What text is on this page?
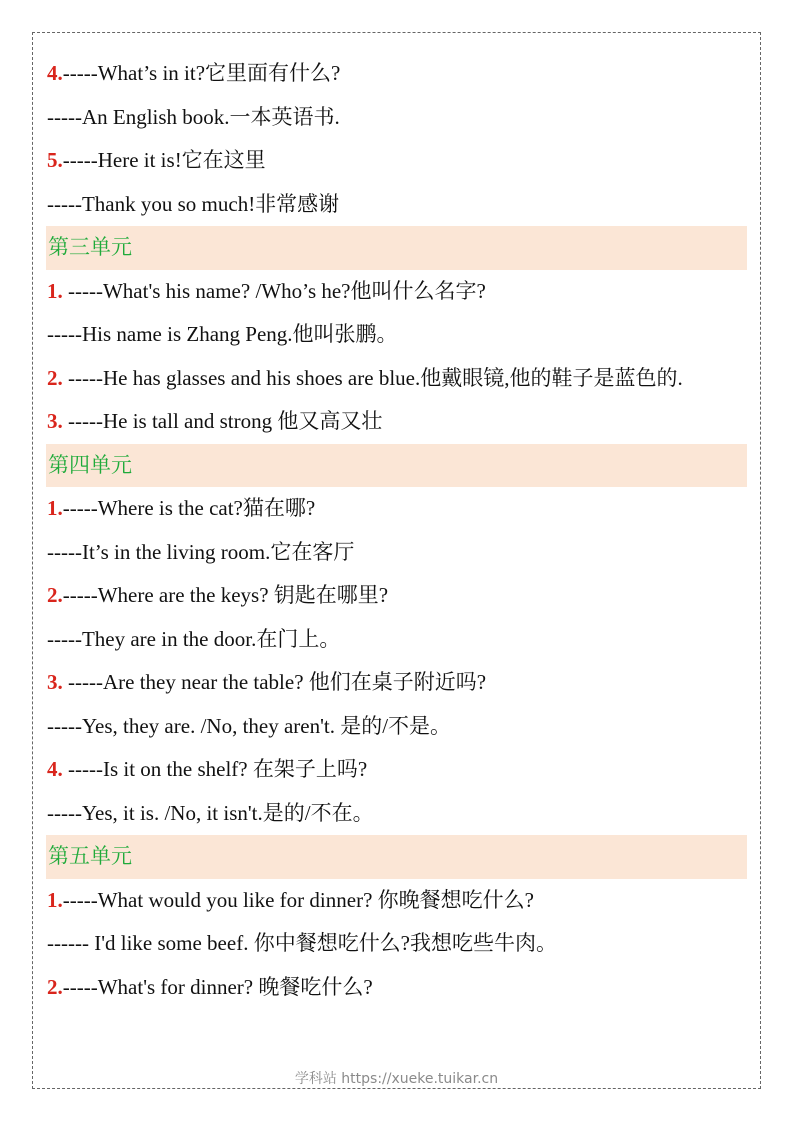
4.-----What’s in it?它里面有什么?
-----An English book.一本英语书.
5.-----Here it is!它在这里
-----Thank you so much!非常感谢
第三单元
1. -----What's his name? /Who’s he?他叫什么名字?
-----His name is Zhang Peng.他叫张鹏。
2. -----He has glasses and his shoes are blue.他戴眼镜,他的鞋子是蓝色的.
3. -----He is tall and strong 他又高又壮
第四单元
1.-----Where is the cat?猫在哪?
-----It’s in the living room.它在客厅
2.-----Where are the keys? 钥匙在哪里?
-----They are in the door.在门上。
3. -----Are they near the table? 他们在桌子附近吗?
-----Yes, they are. /No, they aren't. 是的/不是。
4. -----Is it on the shelf? 在架子上吗?
-----Yes, it is. /No, it isn't.是的/不在。
第五单元
1.-----What would you like for dinner? 你晚餐想吃什么?
------ I'd like some beef. 你中餐想吃什么?我想吃些牛肉。
2.-----What's for dinner? 晚餐吃什么?
学科站 https://xueke.tuikar.cn
